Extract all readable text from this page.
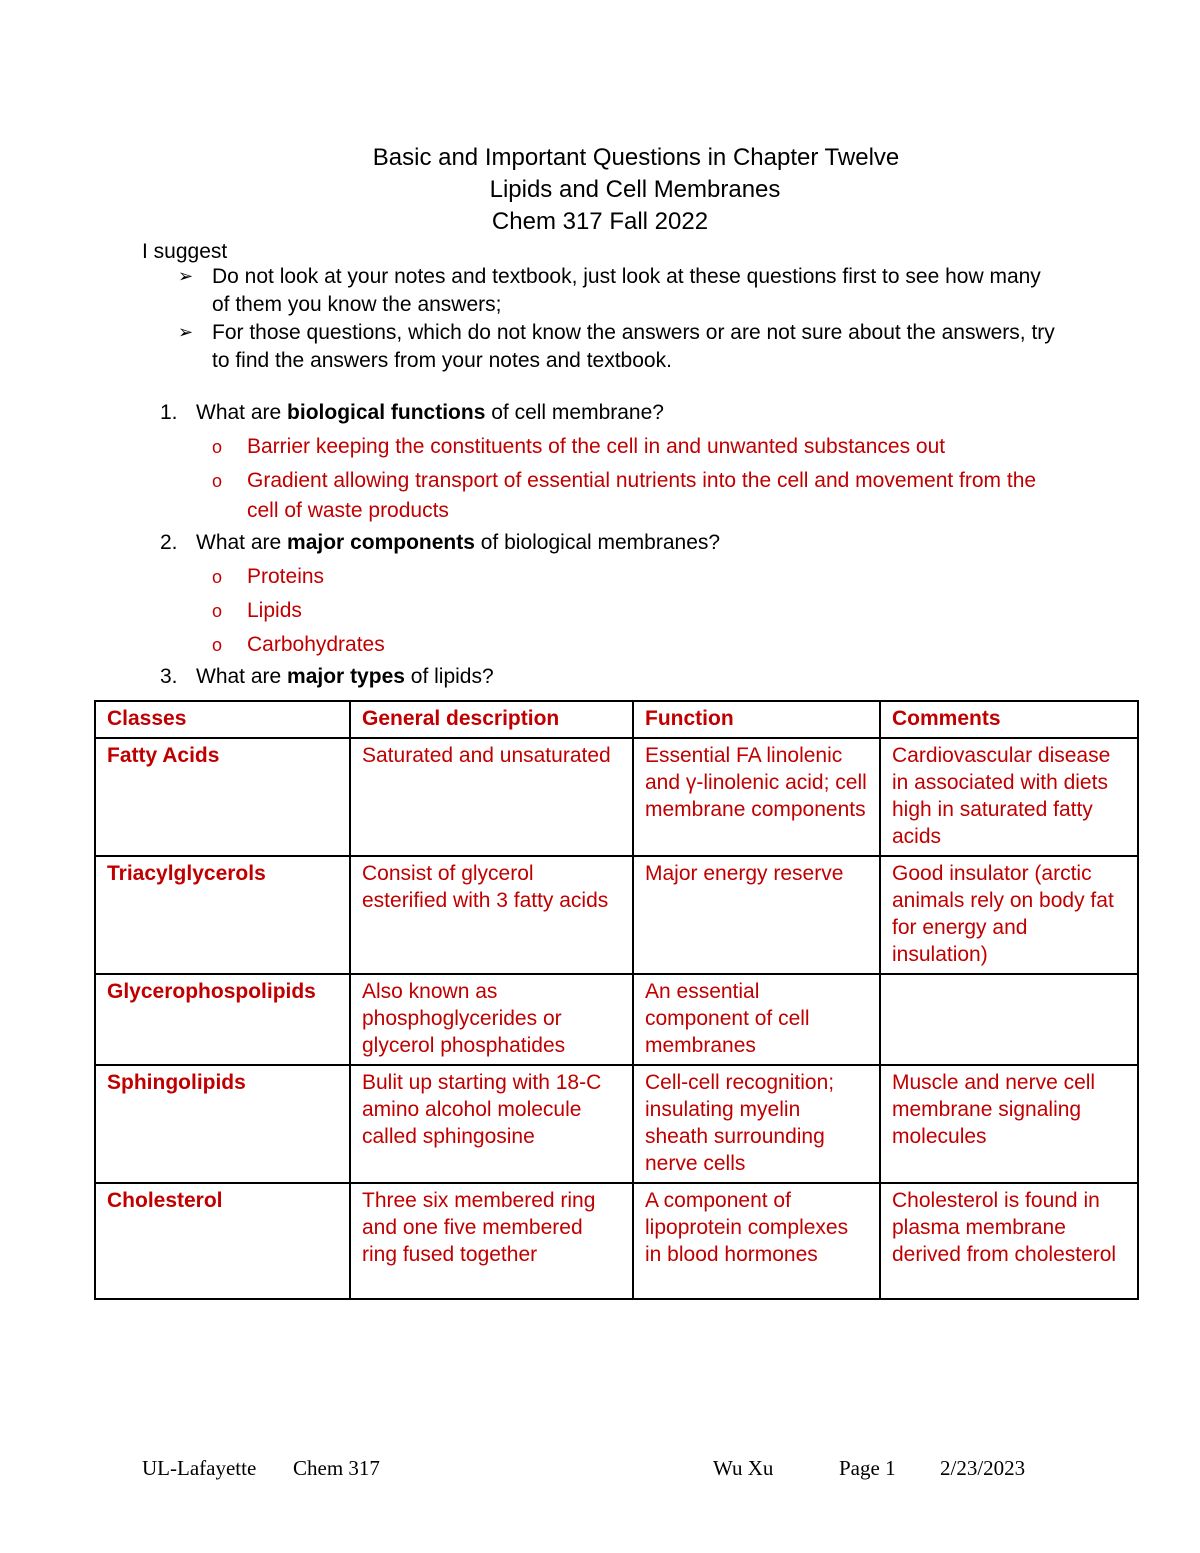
Basic and Important Questions in Chapter Twelve

Lipids and Cell Membranes

Chem 317 Fall 2022

I suggest
➢ Do not look at your notes and textbook, just look at these questions first to see how many of them you know the answers;
➢ For those questions, which do not know the answers or are not sure about the answers, try to find the answers from your notes and textbook.
1. What are biological functions of cell membrane?
o	Barrier keeping the constituents of the cell in and unwanted substances out
o	Gradient allowing transport of essential nutrients into the cell and movement from the cell of waste products
2. What are major components of biological membranes?
o	Proteins
o	Lipids
o	Carbohydrates
3. What are major types of lipids?
Classes	General description	Function	Comments
Fatty Acids	Saturated and unsaturated	Essential FA linolenic and γ-linolenic acid; cell membrane components	Cardiovascular disease in associated with diets high in saturated fatty acids
Triacylglycerols	Consist of glycerol esterified with 3 fatty acids	Major energy reserve	Good insulator (arctic animals rely on body fat for energy and insulation)
Glycerophospolipids	Also known as phosphoglycerides or glycerol phosphatides	An essential component of cell membranes	
Sphingolipids	Bulit up starting with 18-C amino alcohol molecule called sphingosine	Cell-cell recognition; insulating myelin sheath surrounding nerve cells	Muscle and nerve cell membrane signaling molecules
Cholesterol	Three six membered ring and one five membered ring fused together	A component of lipoprotein complexes in blood hormones	Cholesterol is found in plasma membrane derived from cholesterol
UL-Lafayette Chem 317	Wu Xu	Page 1 2/23/2023
